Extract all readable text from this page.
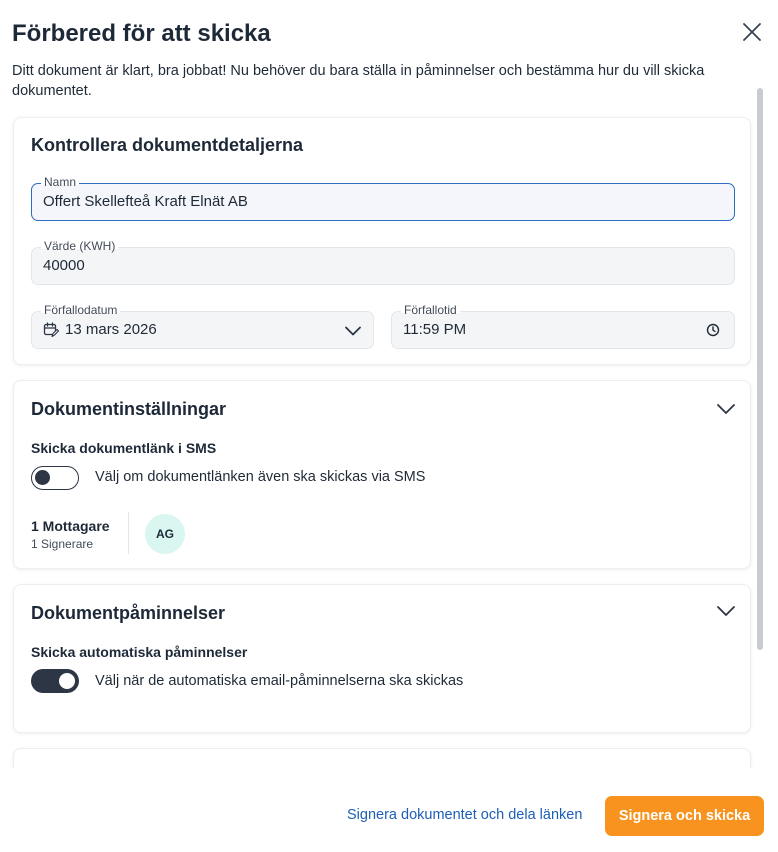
Förbered för att skicka
Ditt dokument är klart, bra jobbat! Nu behöver du bara ställa in påminnelser och bestämma hur du vill skicka dokumentet.
Kontrollera dokumentdetaljerna
Namn
Offert Skellefteå Kraft Elnät AB
Värde (KWH)
40000
Förfallodatum
13 mars 2026
Förfallotid
11:59 PM
Dokumentinställningar
Skicka dokumentlänk i SMS
Välj om dokumentlänken även ska skickas via SMS
1 Mottagare
1 Signerare
AG
Dokumentpåminnelser
Skicka automatiska påminnelser
Välj när de automatiska email-påminnelserna ska skickas
Signera dokumentet och dela länken	Signera och skicka
